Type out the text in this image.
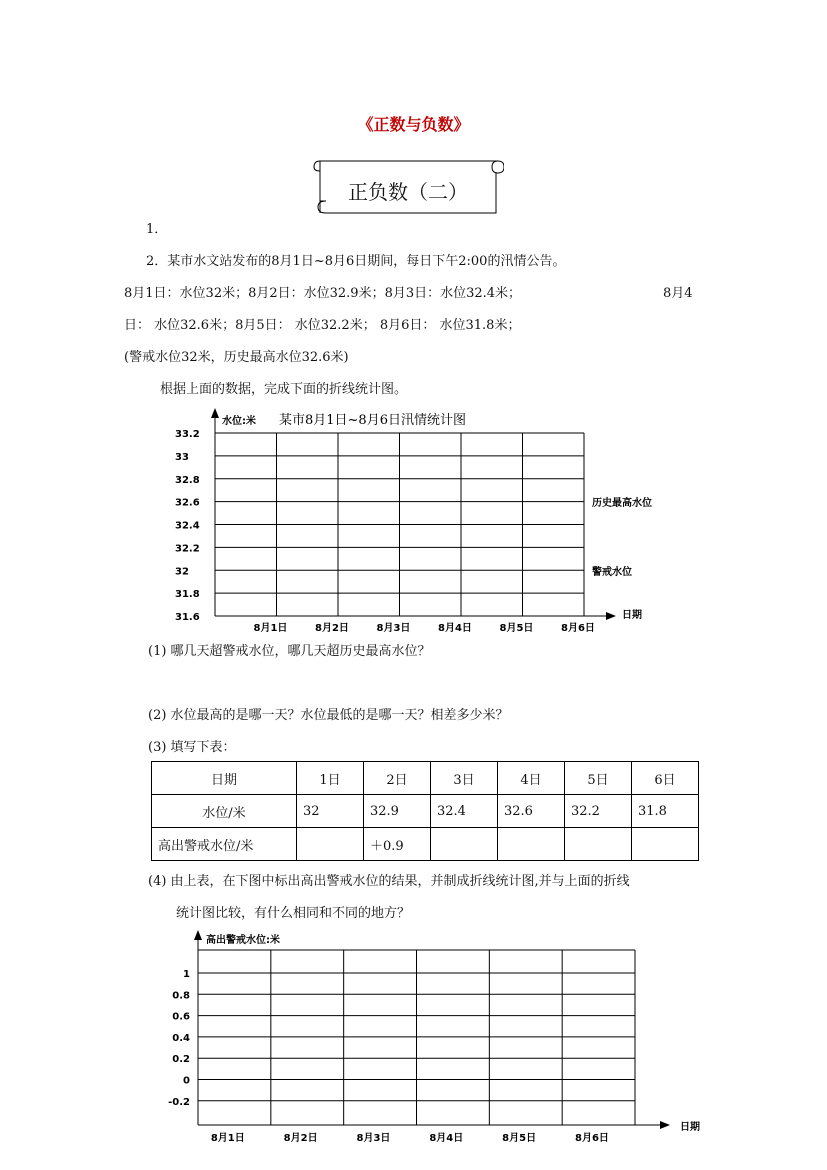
《正数与负数》
正负数（二）
1．
2．某市水文站发布的8月1日~8月6日期间，每日下午2:00的汛情公告。
8月1日：水位32米；8月2日：水位32.9米；8月3日：水位32.4米；	8月4
日： 水位32.6米；8月5日： 水位32.2米； 8月6日： 水位31.8米；
(警戒水位32米，历史最高水位32.6米)
根据上面的数据，完成下面的折线统计图。
33.2
33
32.8
32.6
32.4
32.2
32
31.8
31.6
8月1日	8月2日	8月3日	8月4日	8月5日	8月6日
水位:米 某市8月1日~8月6日汛情统计图
历史最高水位
警戒水位
日期
(1) 哪几天超警戒水位，哪几天超历史最高水位？
(2) 水位最高的是哪一天？水位最低的是哪一天？相差多少米？
(3) 填写下表：
日期	1日	2日	3日	4日	5日	6日
水位/米	32	32.9	32.4	32.6	32.2	31.8
高出警戒水位/米		＋0.9				
(4) 由上表，在下图中标出高出警戒水位的结果，并制成折线统计图,并与上面的折线
统计图比较，有什么相同和不同的地方？
1
0.8
0.6
0.4
0.2
0
-0.2
8月1日	8月2日	8月3日	8月4日	8月5日	8月6日
高出警戒水位:米
日期
